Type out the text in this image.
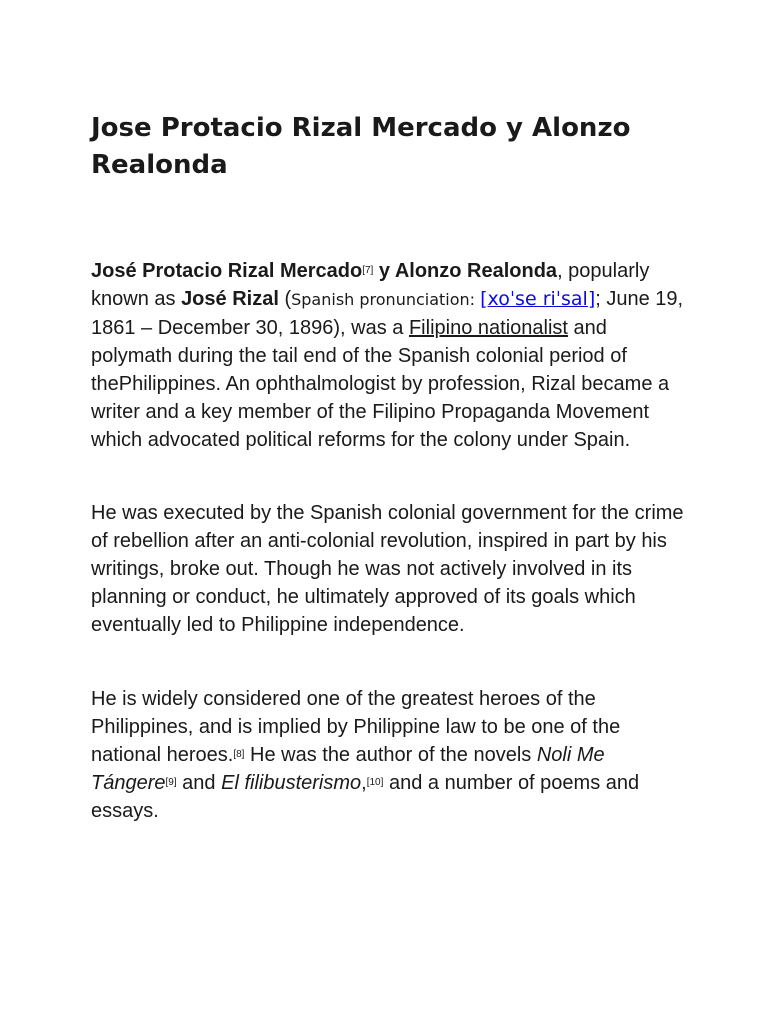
Jose Protacio Rizal Mercado y Alonzo Realonda

José Protacio Rizal Mercado[7] y Alonzo Realonda, popularly known as José Rizal (Spanish pronunciation: [xoˈse riˈsal]; June 19, 1861 – December 30, 1896), was a Filipino nationalist and polymath during the tail end of the Spanish colonial period of thePhilippines. An ophthalmologist by profession, Rizal became a writer and a key member of the Filipino Propaganda Movement which advocated political reforms for the colony under Spain.

He was executed by the Spanish colonial government for the crime of rebellion after an anti-colonial revolution, inspired in part by his writings, broke out. Though he was not actively involved in its planning or conduct, he ultimately approved of its goals which eventually led to Philippine independence.

He is widely considered one of the greatest heroes of the Philippines, and is implied by Philippine law to be one of the national heroes.[8] He was the author of the novels Noli Me Tángere[9] and El filibusterismo,[10] and a number of poems and essays.
